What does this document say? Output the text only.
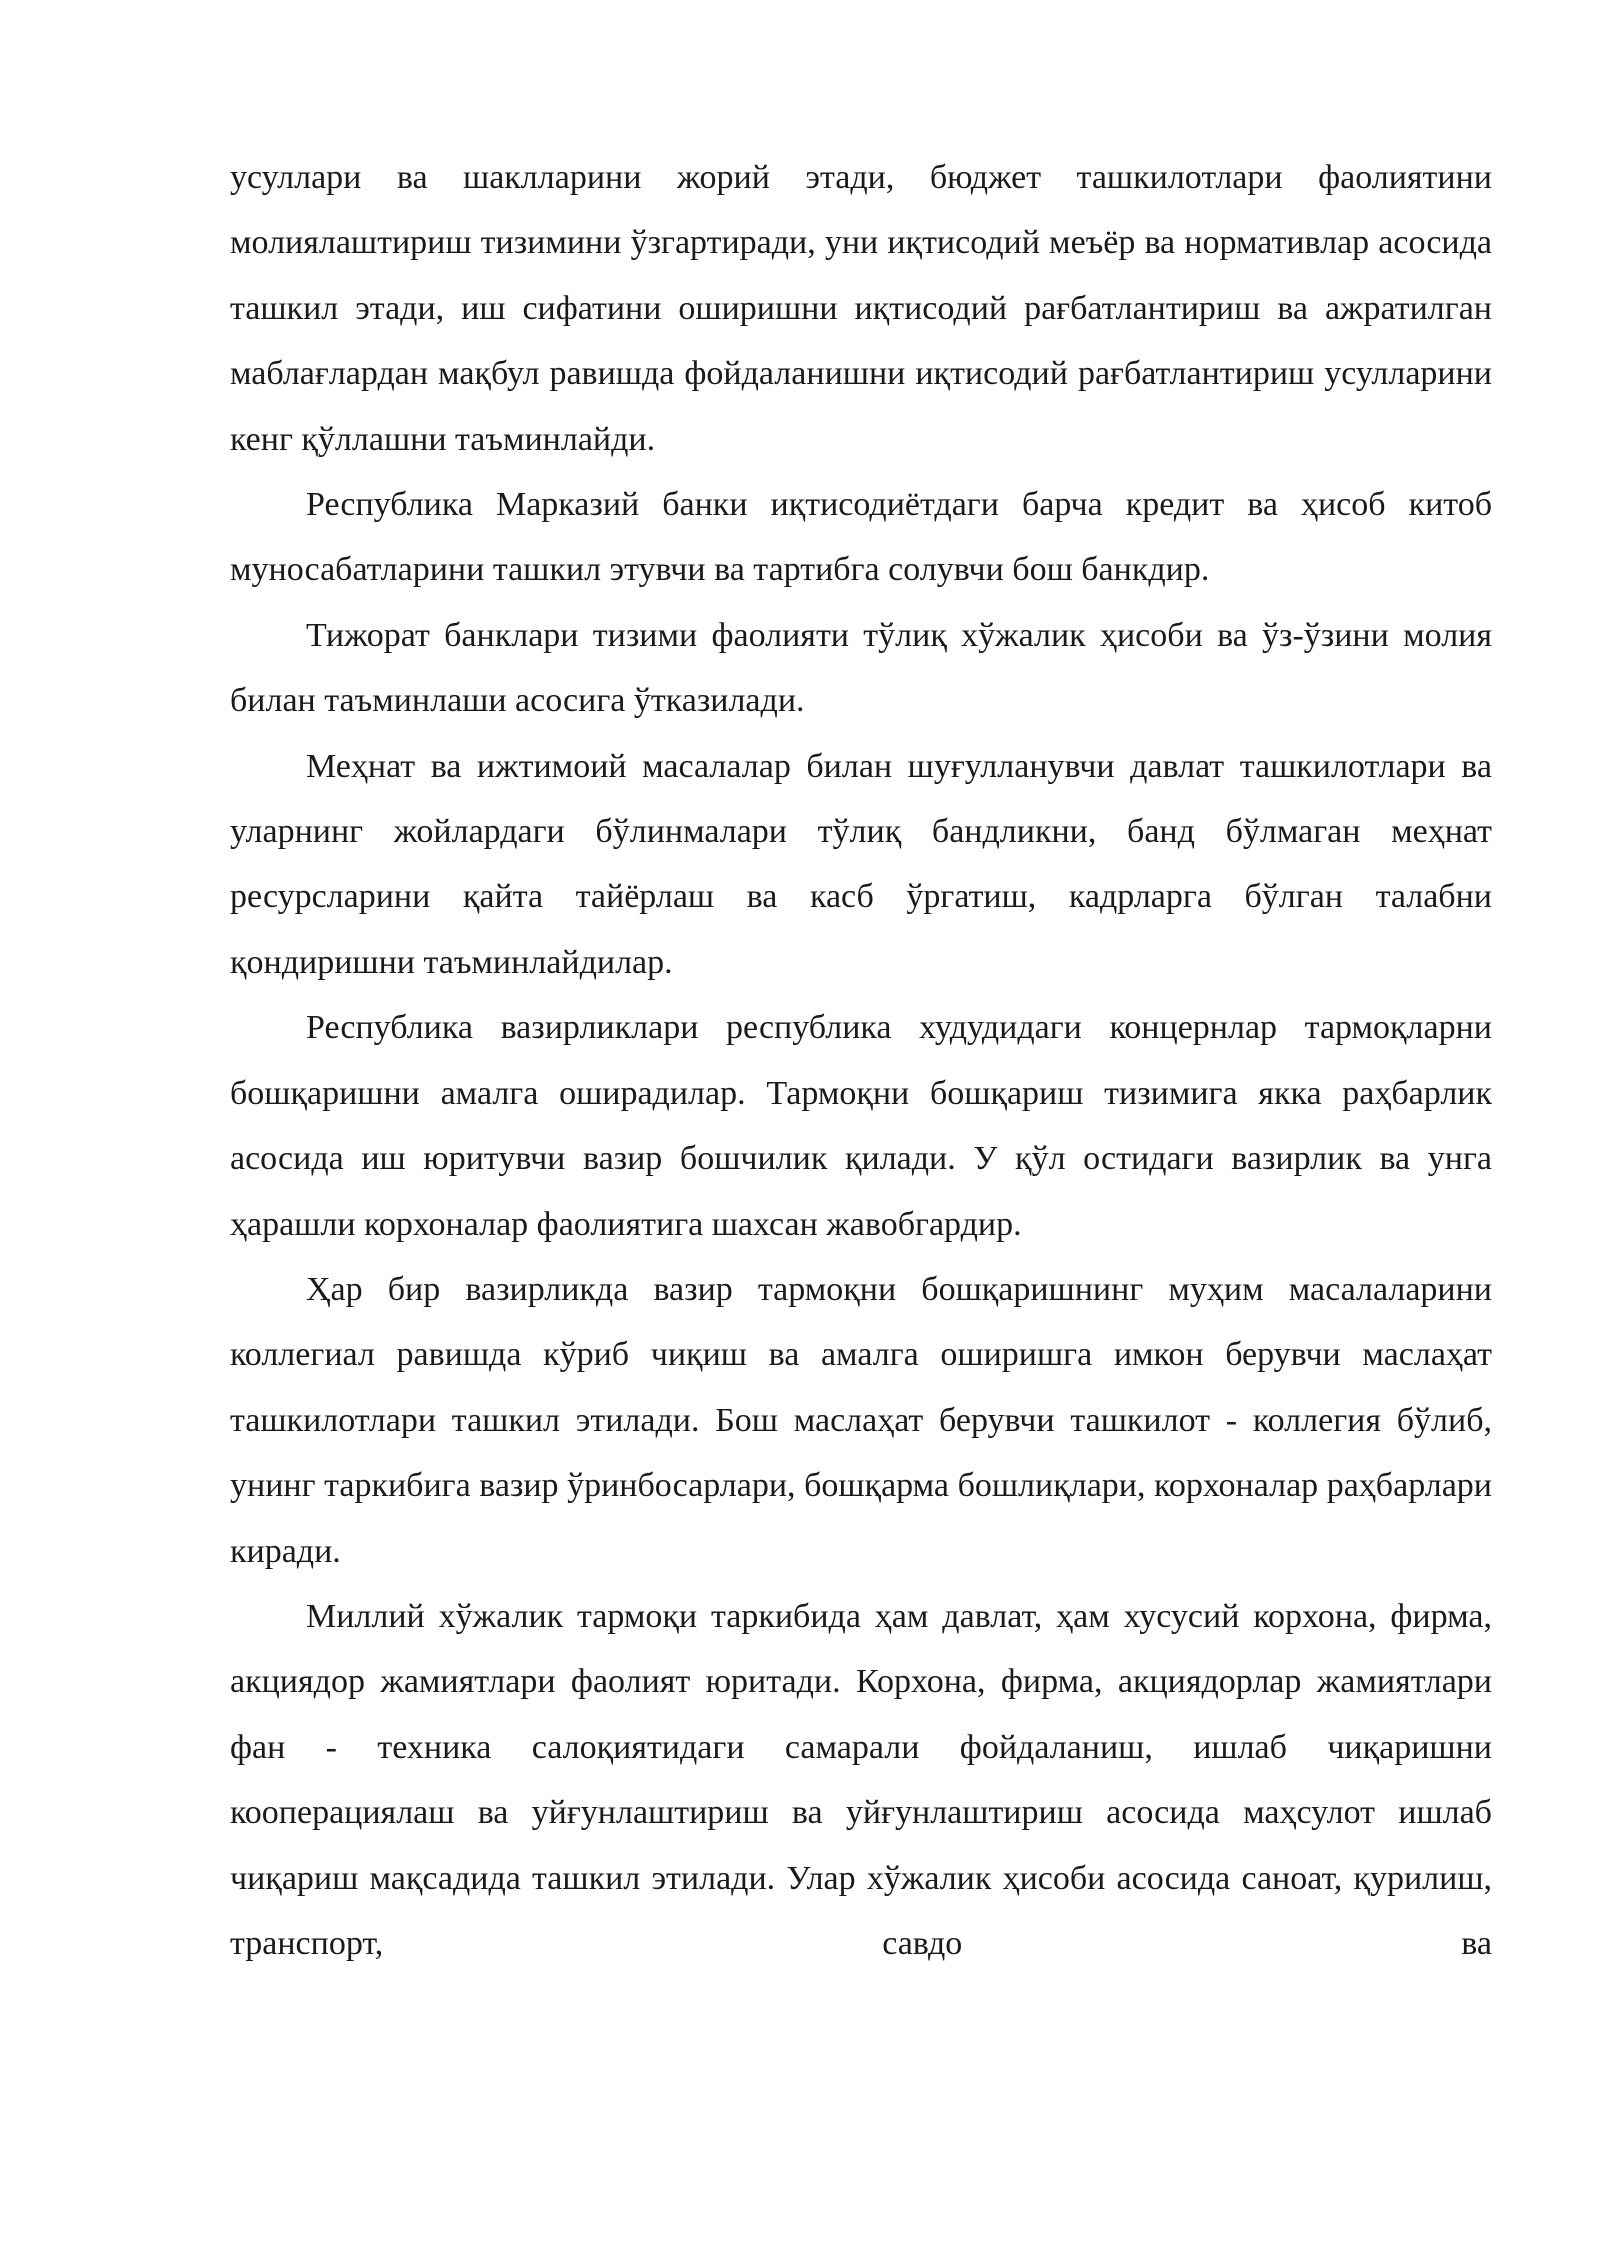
усуллари ва шаклларини жорий этади, бюджет ташкилотлари фаолиятини молиялаштириш тизимини ўзгартиради, уни иқтисодий меъёр ва нормативлар асосида ташкил этади, иш сифатини оширишни иқтисодий рағбатлантириш ва ажратилган маблағлардан мақбул равишда фойдаланишни иқтисодий рағбатлантириш усулларини кенг қўллашни таъминлайди.

Республика Марказий банки иқтисодиётдаги барча кредит ва ҳисоб китоб муносабатларини ташкил этувчи ва тартибга солувчи бош банкдир.

Тижорат банклари тизими фаолияти тўлиқ хўжалик ҳисоби ва ўз-ўзини молия билан таъминлаши асосига ўтказилади.

Меҳнат ва ижтимоий масалалар билан шуғулланувчи давлат ташкилотлари ва уларнинг жойлардаги бўлинмалари тўлиқ бандликни, банд бўлмаган меҳнат ресурсларини қайта тайёрлаш ва касб ўргатиш, кадрларга бўлган талабни қондиришни таъминлайдилар.

Республика вазирликлари республика худудидаги концернлар тармоқларни бошқаришни амалга оширадилар. Тармоқни бошқариш тизимига якка раҳбарлик асосида иш юритувчи вазир бошчилик қилади. У қўл остидаги вазирлик ва унга ҳарашли корхоналар фаолиятига шахсан жавобгардир.

Ҳар бир вазирликда вазир тармоқни бошқаришнинг муҳим масалаларини коллегиал равишда кўриб чиқиш ва амалга оширишга имкон берувчи маслаҳат ташкилотлари ташкил этилади. Бош маслаҳат берувчи ташкилот - коллегия бўлиб, унинг таркибига вазир ўринбосарлари, бошқарма бошлиқлари, корхоналар раҳбарлари киради.

Миллий хўжалик тармоқи таркибида ҳам давлат, ҳам хусусий корхона, фирма, акциядор жамиятлари фаолият юритади. Корхона, фирма, акциядорлар жамиятлари фан - техника салоқиятидаги самарали фойдаланиш, ишлаб чиқаришни кооперациялаш ва уйғунлаштириш ва уйғунлаштириш асосида маҳсулот ишлаб чиқариш мақсадида ташкил этилади. Улар хўжалик ҳисоби асосида саноат, қурилиш, транспорт, савдо ва
